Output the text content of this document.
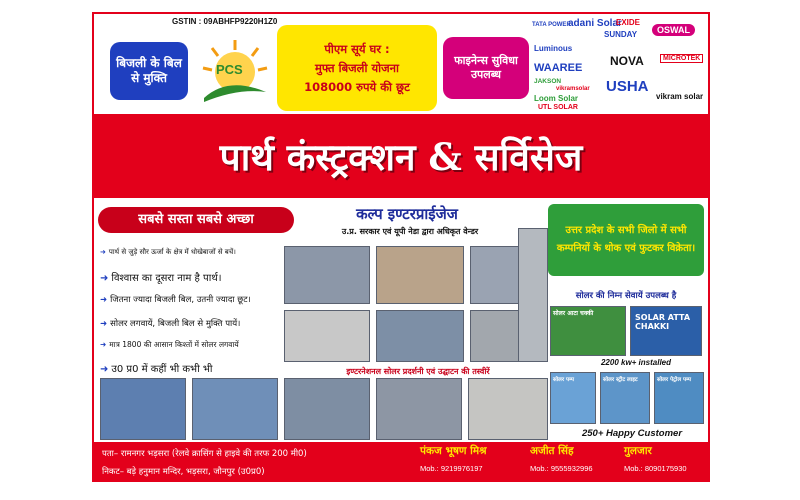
GSTIN : 09ABHFP9220H1Z0
बिजली के बिल से मुक्ति
PCS
पीएम सूर्य घर :
मुफ्त बिजली योजना
108000 रुपये की छूट
फाइनेन्स सुविधा उपलब्ध
TATA POWER
adani Solar
EXIDE
SUNDAY	OSWAL
Luminous
WAAREE NOVA	MICROTEK
JAKSON
vikramsolar USHA
vikram solar
Loom Solar
UTL SOLAR
पार्थ कंस्ट्रक्शन & सर्विसेज
सबसे सस्ता सबसे अच्छा
➜ पार्थ से जुड़े सौर ऊर्जा के क्षेत्र में धोखेबाजों से बचें।
➜ विश्वास का दूसरा नाम है पार्थ।
➜ जितना ज्यादा बिजली बिल, उतनी ज्यादा छूट।
➜ सोलर लगवायें, बिजली बिल से मुक्ति पायें।
➜ मात्र 1800 की आसान किश्तों में सोलर लगवायें
➜ उ0 प्र0 में कहीं भी कभी भी
कल्प इण्टरप्राईजेज
उ.प्र. सरकार एवं यूपी नेडा द्वारा अधिकृत वेन्डर
इण्टरनेशनल सोलर प्रदर्शनी एवं उद्घाटन की तस्वीरें
उत्तर प्रदेश के सभी जिलो में सभी कम्पनियों के थोक एवं फुटकर विक्रेता।
सोलर की निम्न सेवायें उपलब्ध है
सोलर आटा चक्की	SOLAR ATTA CHAKKI
2200 kw+ installed
सोलर पम्प	सोलर स्ट्रीट लाइट	सोलर पेट्रोल पम्प
250+ Happy Customer
पता– रामनगर भड़सरा (रेलवे क्रासिंग से हाइवे की तरफ 200 मी0)
निकट– बड़े हनुमान मन्दिर, भड़सरा, जौनपुर (उ0प्र0)
पंकज भूषण मिश्र
Mob.: 9219976197
अजीत सिंह
Mob.: 9555932996
गुलजार
Mob.: 8090175930
